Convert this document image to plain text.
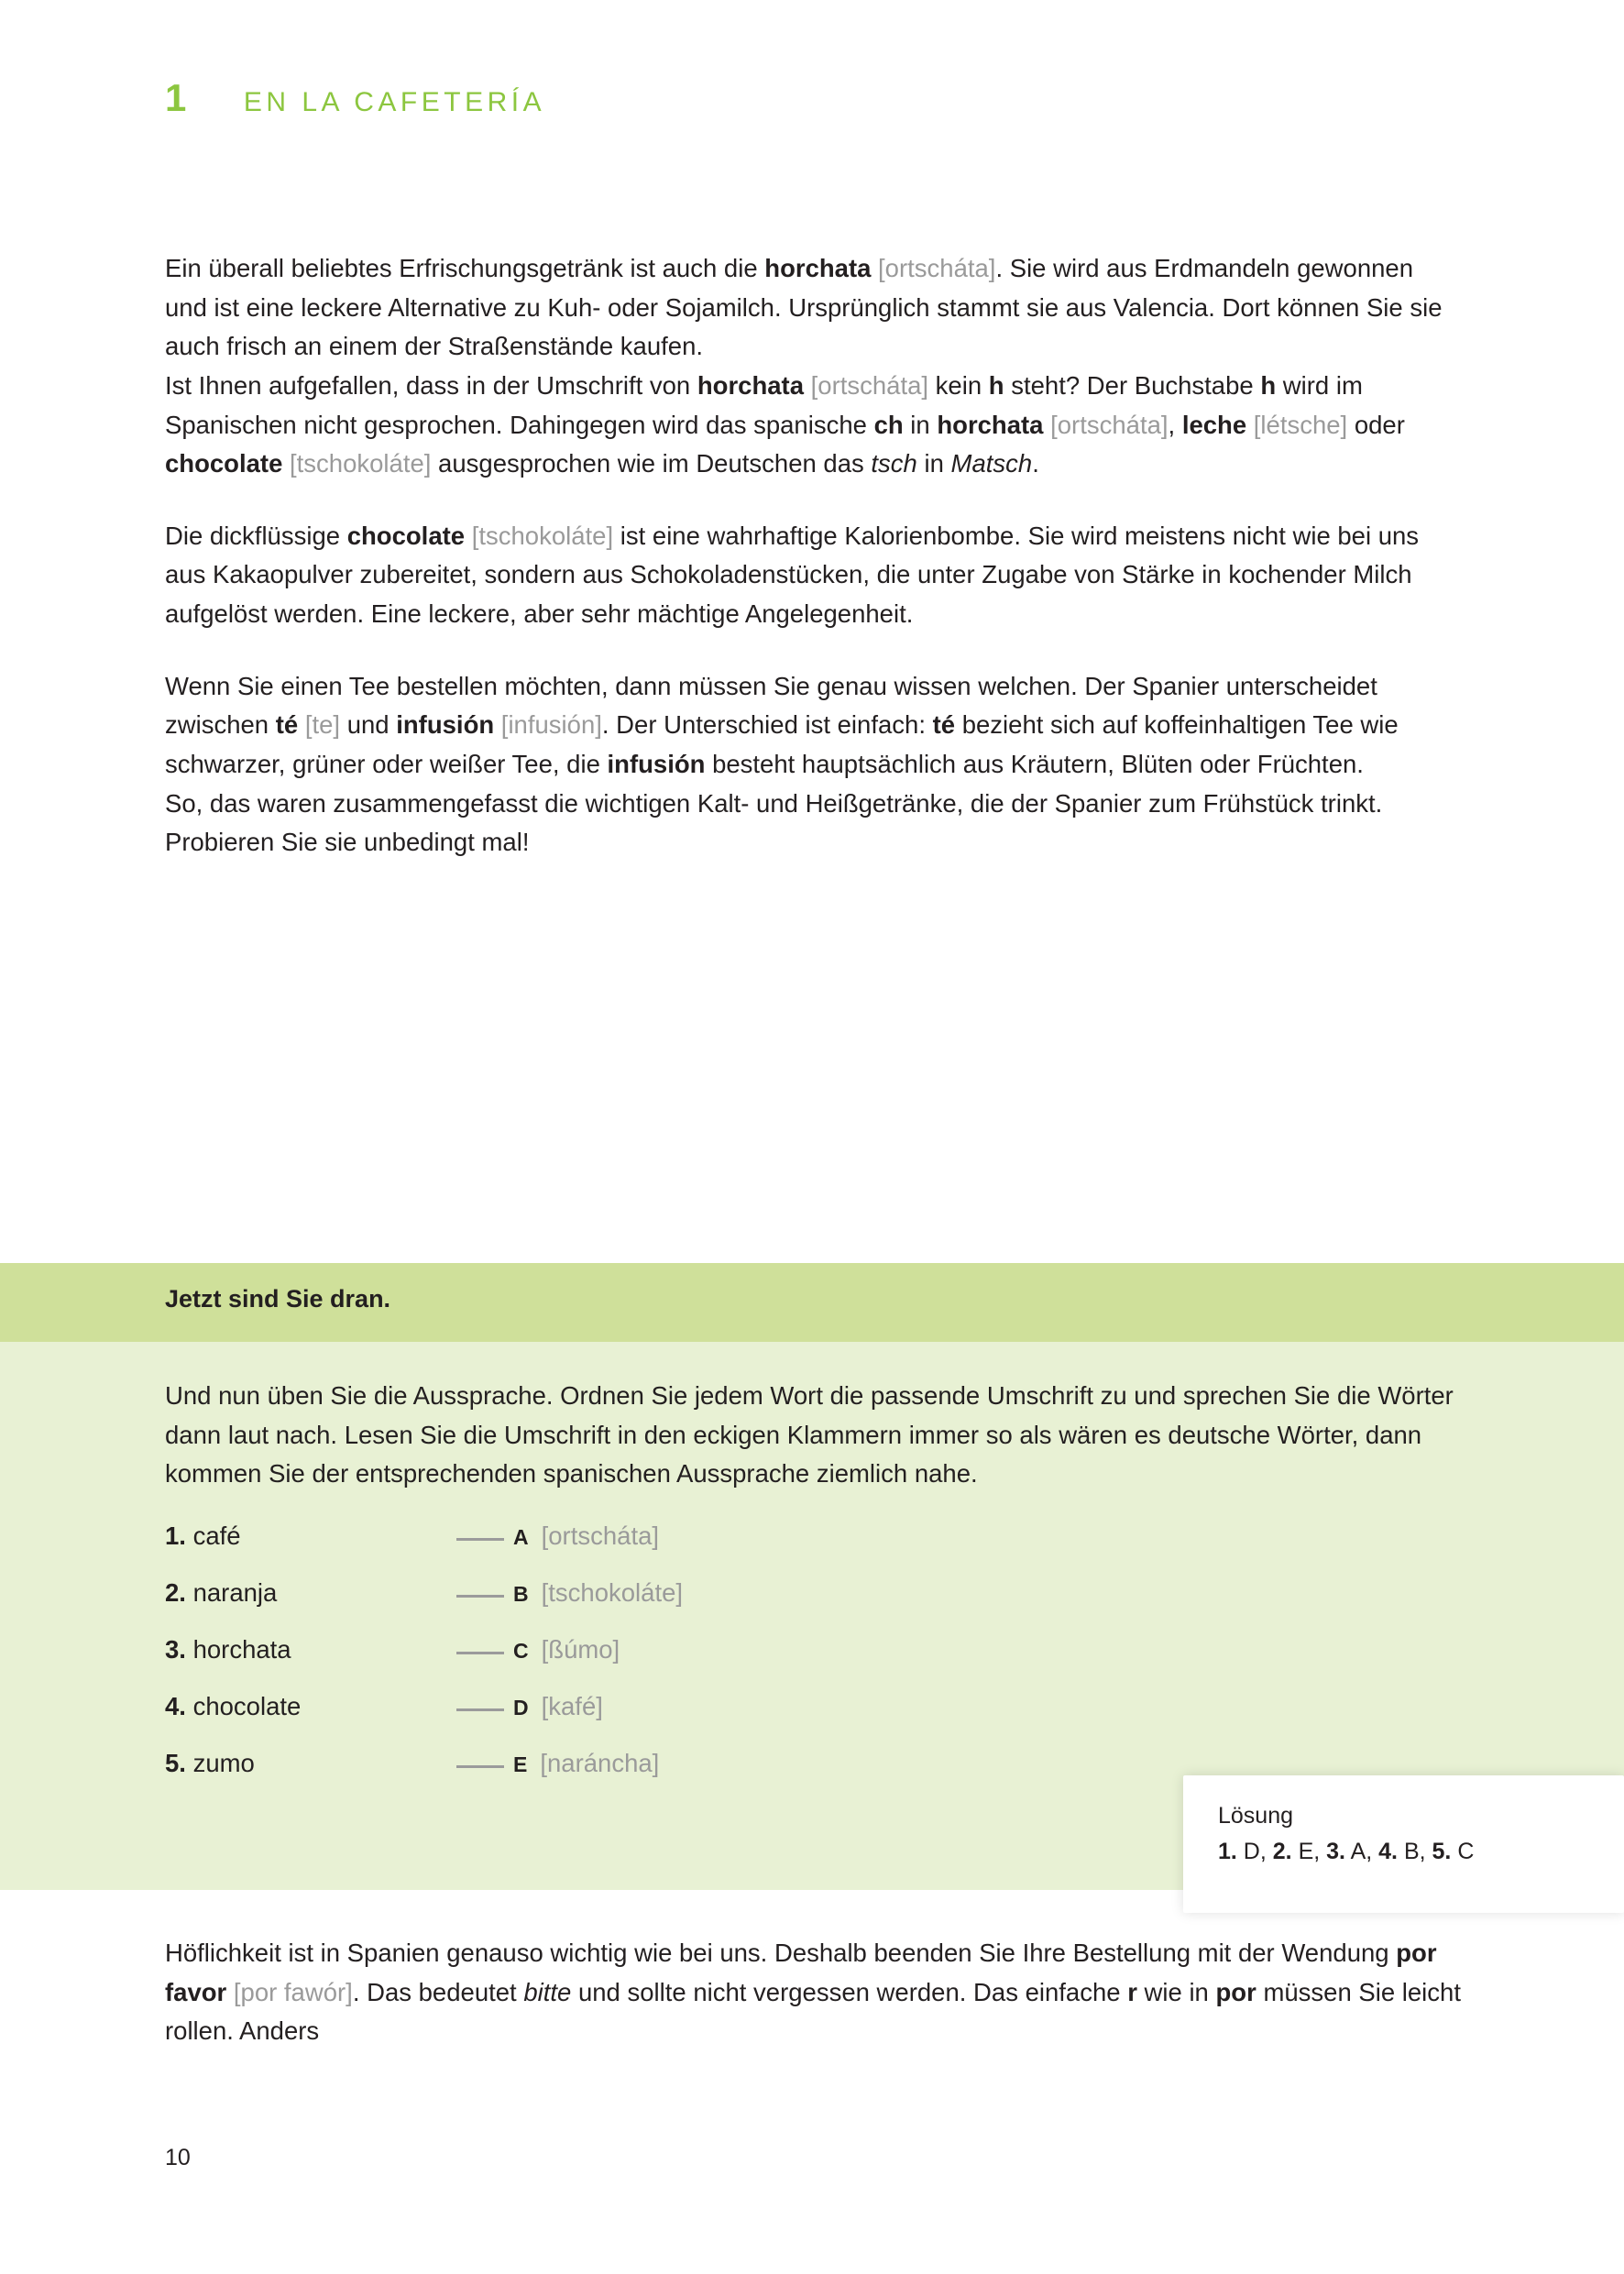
1 EN LA CAFETERÍA

Ein überall beliebtes Erfrischungsgetränk ist auch die horchata [ortscháta]. Sie wird aus Erdmandeln gewonnen und ist eine leckere Alternative zu Kuh- oder Sojamilch. Ursprünglich stammt sie aus Valencia. Dort können Sie sie auch frisch an einem der Straßenstände kaufen.
Ist Ihnen aufgefallen, dass in der Umschrift von horchata [ortscháta] kein h steht? Der Buchstabe h wird im Spanischen nicht gesprochen. Dahingegen wird das spanische ch in horchata [ortscháta], leche [létsche] oder chocolate [tschokoláte] ausgesprochen wie im Deutschen das tsch in Matsch.

Die dickflüssige chocolate [tschokoláte] ist eine wahrhaftige Kalorienbombe. Sie wird meistens nicht wie bei uns aus Kakaopulver zubereitet, sondern aus Schokoladenstücken, die unter Zugabe von Stärke in kochender Milch aufgelöst werden. Eine leckere, aber sehr mächtige Angelegenheit.

Wenn Sie einen Tee bestellen möchten, dann müssen Sie genau wissen welchen. Der Spanier unterscheidet zwischen té [te] und infusión [infusión]. Der Unterschied ist einfach: té bezieht sich auf koffeinhaltigen Tee wie schwarzer, grüner oder weißer Tee, die infusión besteht hauptsächlich aus Kräutern, Blüten oder Früchten.
So, das waren zusammengefasst die wichtigen Kalt- und Heißgetränke, die der Spanier zum Frühstück trinkt. Probieren Sie sie unbedingt mal!

Jetzt sind Sie dran.

Und nun üben Sie die Aussprache. Ordnen Sie jedem Wort die passende Umschrift zu und sprechen Sie die Wörter dann laut nach. Lesen Sie die Umschrift in den eckigen Klammern immer so als wären es deutsche Wörter, dann kommen Sie der entsprechenden spanischen Aussprache ziemlich nahe.

1. café	A [ortscháta]
2. naranja	B [tschokoláte]
3. horchata	C [ßúmo]
4. chocolate	D [kafé]
5. zumo	E [naráncha]
Lösung
1. D, 2. E, 3. A, 4. B, 5. C
Höflichkeit ist in Spanien genauso wichtig wie bei uns. Deshalb beenden Sie Ihre Bestellung mit der Wendung por favor [por fawór]. Das bedeutet bitte und sollte nicht vergessen werden. Das einfache r wie in por müssen Sie leicht rollen. Anders
10
